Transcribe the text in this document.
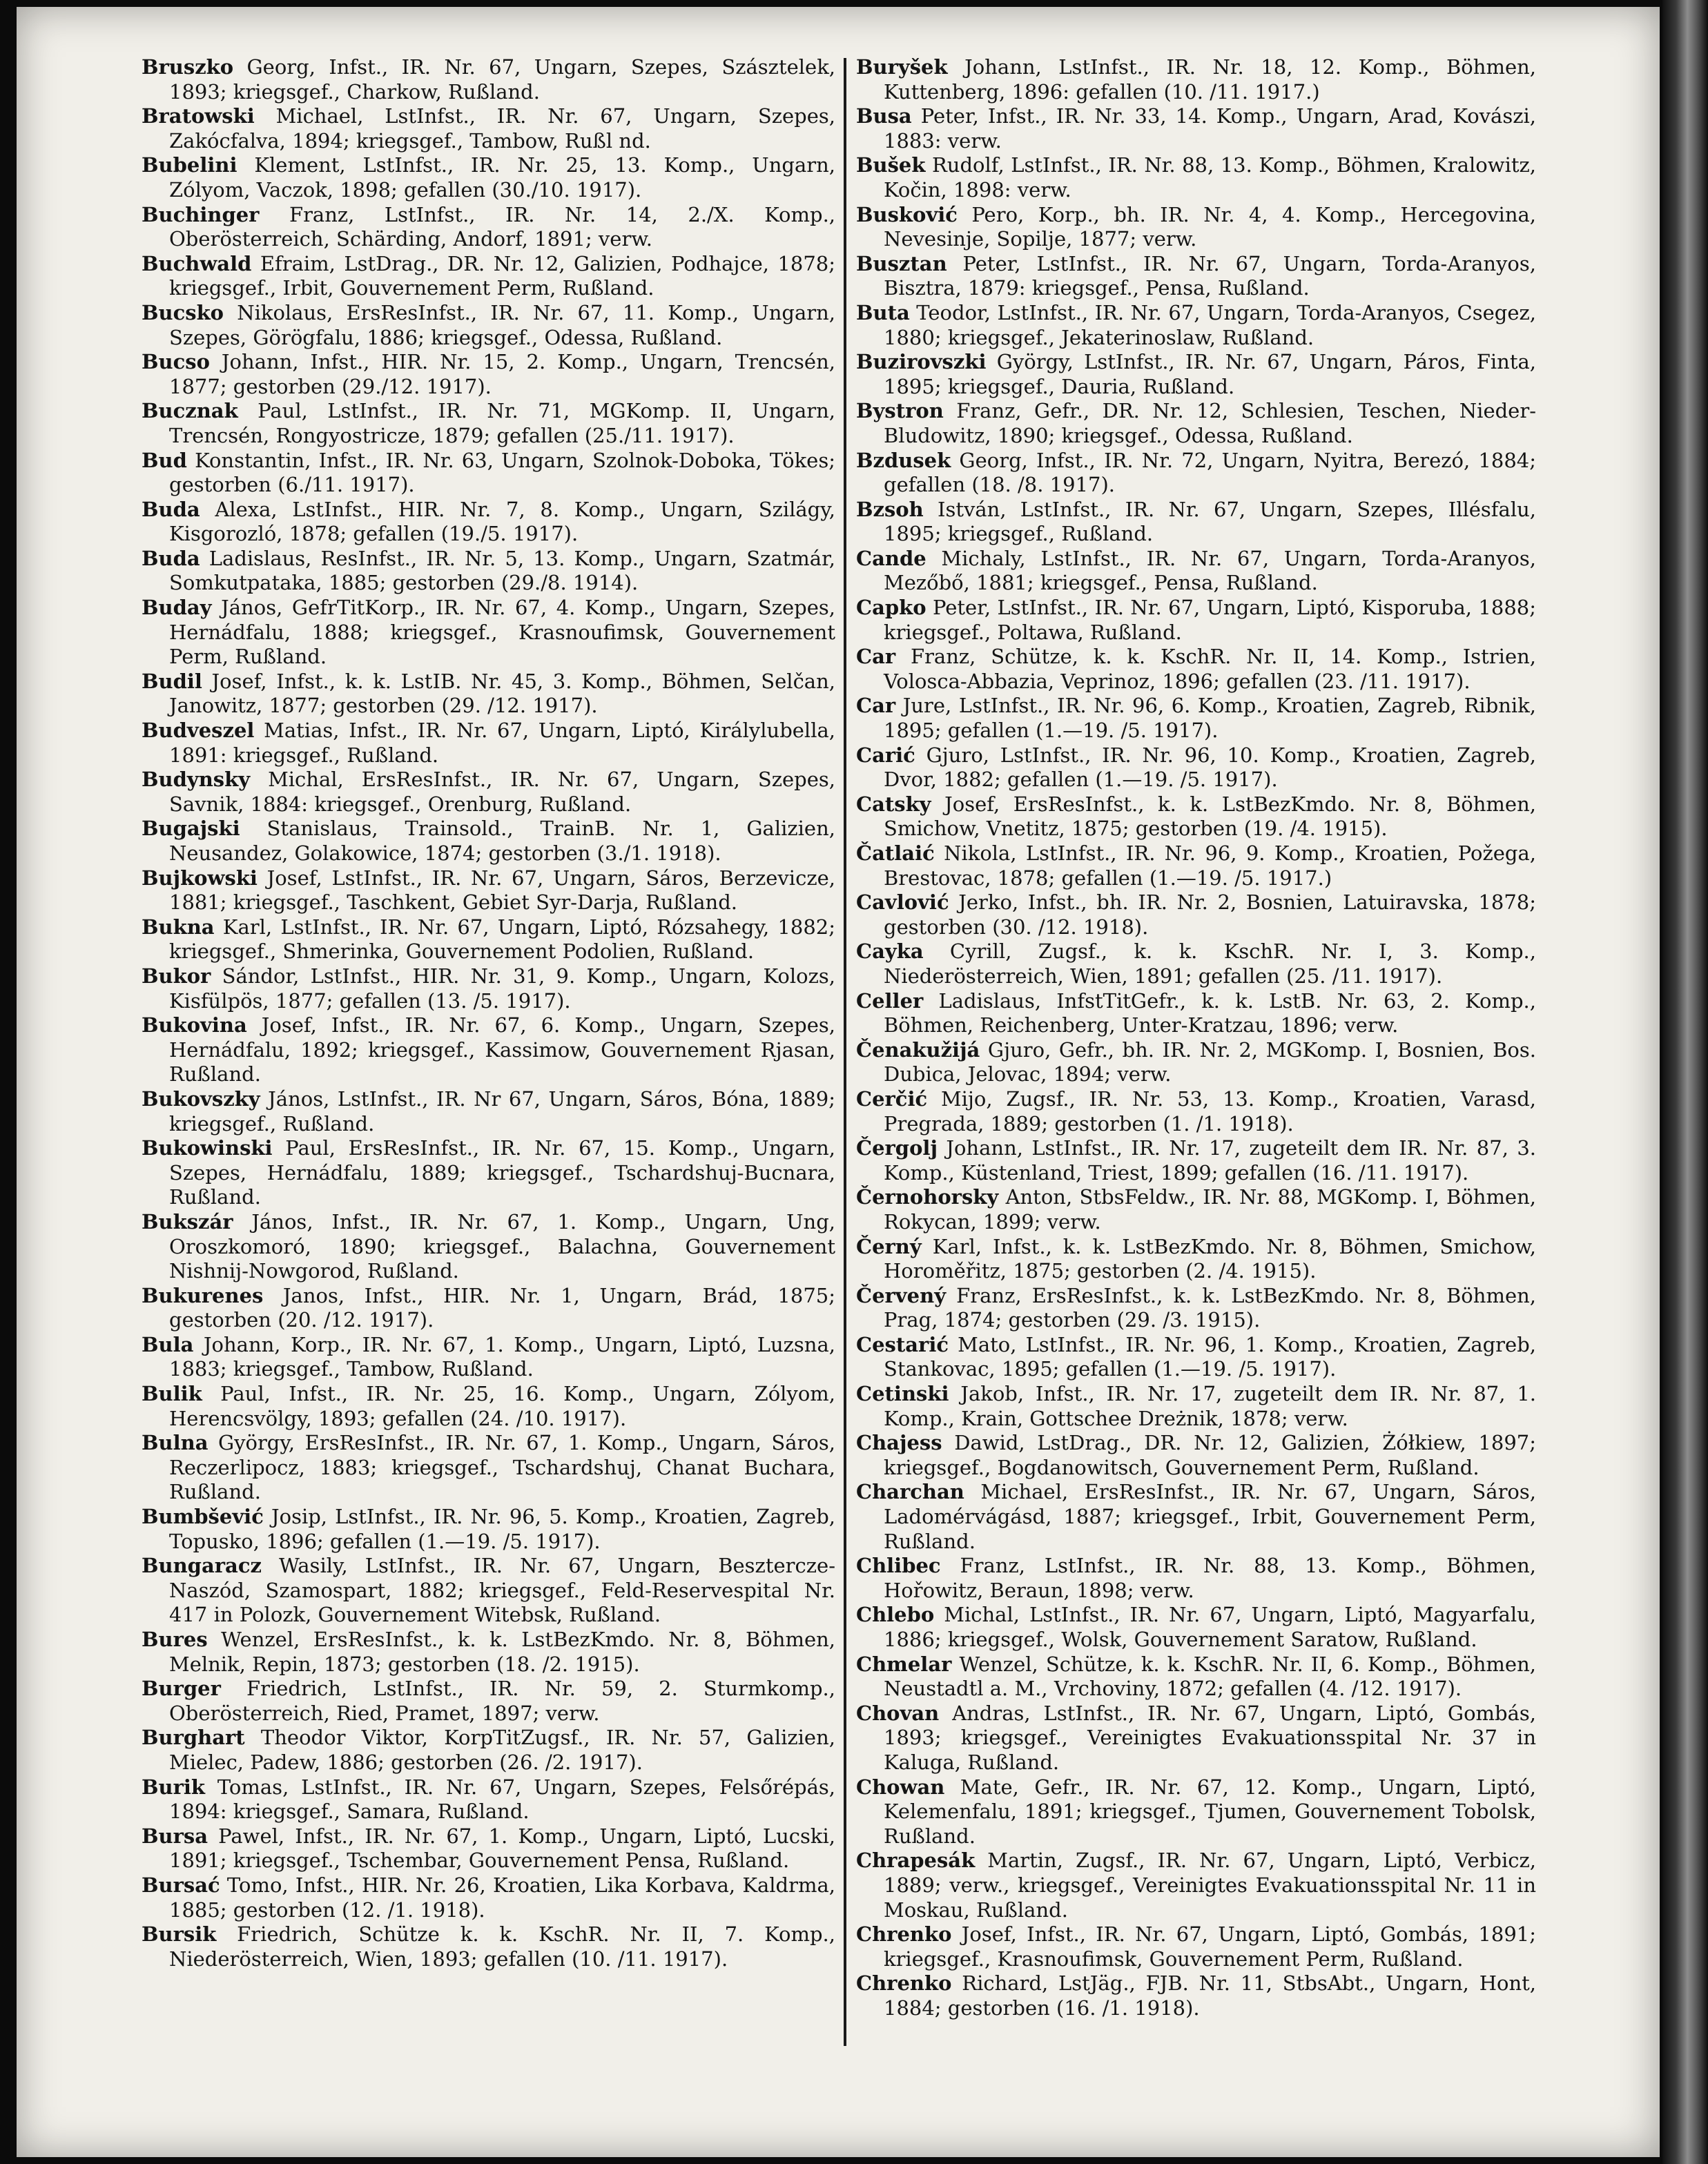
Bruszko Georg, Infst., IR. Nr. 67, Ungarn, Szepes, Szásztelek, 1893; kriegsgef., Charkow, Rußland.

Bratowski Michael, LstInfst., IR. Nr. 67, Ungarn, Szepes, Zakócfalva, 1894; kriegsgef., Tambow, Rußl nd.

Bubelini Klement, LstInfst., IR. Nr. 25, 13. Komp., Ungarn, Zólyom, Vaczok, 1898; gefallen (30./10. 1917).

Buchinger Franz, LstInfst., IR. Nr. 14, 2./X. Komp., Oberösterreich, Schärding, Andorf, 1891; verw.

Buchwald Efraim, LstDrag., DR. Nr. 12, Galizien, Podhajce, 1878; kriegsgef., Irbit, Gouvernement Perm, Rußland.

Bucsko Nikolaus, ErsResInfst., IR. Nr. 67, 11. Komp., Ungarn, Szepes, Görögfalu, 1886; kriegsgef., Odessa, Rußland.

Bucso Johann, Infst., HIR. Nr. 15, 2. Komp., Ungarn, Trencsén, 1877; gestorben (29./12. 1917).

Bucznak Paul, LstInfst., IR. Nr. 71, MGKomp. II, Ungarn, Trencsén, Rongyostricze, 1879; gefallen (25./11. 1917).

Bud Konstantin, Infst., IR. Nr. 63, Ungarn, Szolnok-Doboka, Tökes; gestorben (6./11. 1917).

Buda Alexa, LstInfst., HIR. Nr. 7, 8. Komp., Ungarn, Szilágy, Kisgorozló, 1878; gefallen (19./5. 1917).

Buda Ladislaus, ResInfst., IR. Nr. 5, 13. Komp., Ungarn, Szatmár, Somkutpataka, 1885; gestorben (29./8. 1914).

Buday János, GefrTitKorp., IR. Nr. 67, 4. Komp., Ungarn, Szepes, Hernádfalu, 1888; kriegsgef., Krasnoufimsk, Gouvernement Perm, Rußland.

Budil Josef, Infst., k. k. LstIB. Nr. 45, 3. Komp., Böhmen, Selčan, Janowitz, 1877; gestorben (29. /12. 1917).

Budveszel Matias, Infst., IR. Nr. 67, Ungarn, Liptó, Királylubella, 1891: kriegsgef., Rußland.

Budynsky Michal, ErsResInfst., IR. Nr. 67, Ungarn, Szepes, Savnik, 1884: kriegsgef., Orenburg, Rußland.

Bugajski Stanislaus, Trainsold., TrainB. Nr. 1, Galizien, Neusandez, Golakowice, 1874; gestorben (3./1. 1918).

Bujkowski Josef, LstInfst., IR. Nr. 67, Ungarn, Sáros, Berzevicze, 1881; kriegsgef., Taschkent, Gebiet Syr-Darja, Rußland.

Bukna Karl, LstInfst., IR. Nr. 67, Ungarn, Liptó, Rózsahegy, 1882; kriegsgef., Shmerinka, Gouvernement Podolien, Rußland.

Bukor Sándor, LstInfst., HIR. Nr. 31, 9. Komp., Ungarn, Kolozs, Kisfülpös, 1877; gefallen (13. /5. 1917).

Bukovina Josef, Infst., IR. Nr. 67, 6. Komp., Ungarn, Szepes, Hernádfalu, 1892; kriegsgef., Kassimow, Gouvernement Rjasan, Rußland.

Bukovszky János, LstInfst., IR. Nr 67, Ungarn, Sáros, Bóna, 1889; kriegsgef., Rußland.

Bukowinski Paul, ErsResInfst., IR. Nr. 67, 15. Komp., Ungarn, Szepes, Hernádfalu, 1889; kriegsgef., Tschardshuj-Bucnara, Rußland.

Bukszár János, Infst., IR. Nr. 67, 1. Komp., Ungarn, Ung, Oroszkomoró, 1890; kriegsgef., Balachna, Gouvernement Nishnij-Nowgorod, Rußland.

Bukurenes Janos, Infst., HIR. Nr. 1, Ungarn, Brád, 1875; gestorben (20. /12. 1917).

Bula Johann, Korp., IR. Nr. 67, 1. Komp., Ungarn, Liptó, Luzsna, 1883; kriegsgef., Tambow, Rußland.

Bulik Paul, Infst., IR. Nr. 25, 16. Komp., Ungarn, Zólyom, Herencsvölgy, 1893; gefallen (24. /10. 1917).

Bulna György, ErsResInfst., IR. Nr. 67, 1. Komp., Ungarn, Sáros, Reczerlipocz, 1883; kriegsgef., Tschardshuj, Chanat Buchara, Rußland.

Bumbšević Josip, LstInfst., IR. Nr. 96, 5. Komp., Kroatien, Zagreb, Topusko, 1896; gefallen (1.—19. /5. 1917).

Bungaracz Wasily, LstInfst., IR. Nr. 67, Ungarn, Besztercze-Naszód, Szamospart, 1882; kriegsgef., Feld-Reservespital Nr. 417 in Polozk, Gouvernement Witebsk, Rußland.

Bures Wenzel, ErsResInfst., k. k. LstBezKmdo. Nr. 8, Böhmen, Melnik, Repin, 1873; gestorben (18. /2. 1915).

Burger Friedrich, LstInfst., IR. Nr. 59, 2. Sturmkomp., Oberösterreich, Ried, Pramet, 1897; verw.

Burghart Theodor Viktor, KorpTitZugsf., IR. Nr. 57, Galizien, Mielec, Padew, 1886; gestorben (26. /2. 1917).

Burik Tomas, LstInfst., IR. Nr. 67, Ungarn, Szepes, Felsőrépás, 1894: kriegsgef., Samara, Rußland.

Bursa Pawel, Infst., IR. Nr. 67, 1. Komp., Ungarn, Liptó, Lucski, 1891; kriegsgef., Tschembar, Gouvernement Pensa, Rußland.

Bursać Tomo, Infst., HIR. Nr. 26, Kroatien, Lika Korbava, Kaldrma, 1885; gestorben (12. /1. 1918).

Bursik Friedrich, Schütze k. k. KschR. Nr. II, 7. Komp., Niederösterreich, Wien, 1893; gefallen (10. /11. 1917).

Buryšek Johann, LstInfst., IR. Nr. 18, 12. Komp., Böhmen, Kuttenberg, 1896: gefallen (10. /11. 1917.)

Busa Peter, Infst., IR. Nr. 33, 14. Komp., Ungarn, Arad, Kovászi, 1883: verw.

Bušek Rudolf, LstInfst., IR. Nr. 88, 13. Komp., Böhmen, Kralowitz, Kočin, 1898: verw.

Busković Pero, Korp., bh. IR. Nr. 4, 4. Komp., Hercegovina, Nevesinje, Sopilje, 1877; verw.

Busztan Peter, LstInfst., IR. Nr. 67, Ungarn, Torda-Aranyos, Bisztra, 1879: kriegsgef., Pensa, Rußland.

Buta Teodor, LstInfst., IR. Nr. 67, Ungarn, Torda-Aranyos, Csegez, 1880; kriegsgef., Jekaterinoslaw, Rußland.

Buzirovszki György, LstInfst., IR. Nr. 67, Ungarn, Páros, Finta, 1895; kriegsgef., Dauria, Rußland.

Bystron Franz, Gefr., DR. Nr. 12, Schlesien, Teschen, Nieder-Bludowitz, 1890; kriegsgef., Odessa, Rußland.

Bzdusek Georg, Infst., IR. Nr. 72, Ungarn, Nyitra, Berezó, 1884; gefallen (18. /8. 1917).

Bzsoh István, LstInfst., IR. Nr. 67, Ungarn, Szepes, Illésfalu, 1895; kriegsgef., Rußland.

Cande Michaly, LstInfst., IR. Nr. 67, Ungarn, Torda-Aranyos, Mezőbő, 1881; kriegsgef., Pensa, Rußland.

Capko Peter, LstInfst., IR. Nr. 67, Ungarn, Liptó, Kisporuba, 1888; kriegsgef., Poltawa, Rußland.

Car Franz, Schütze, k. k. KschR. Nr. II, 14. Komp., Istrien, Volosca-Abbazia, Veprinoz, 1896; gefallen (23. /11. 1917).

Car Jure, LstInfst., IR. Nr. 96, 6. Komp., Kroatien, Zagreb, Ribnik, 1895; gefallen (1.—19. /5. 1917).

Carić Gjuro, LstInfst., IR. Nr. 96, 10. Komp., Kroatien, Zagreb, Dvor, 1882; gefallen (1.—19. /5. 1917).

Catsky Josef, ErsResInfst., k. k. LstBezKmdo. Nr. 8, Böhmen, Smichow, Vnetitz, 1875; gestorben (19. /4. 1915).

Čatlaić Nikola, LstInfst., IR. Nr. 96, 9. Komp., Kroatien, Požega, Brestovac, 1878; gefallen (1.—19. /5. 1917.)

Cavlović Jerko, Infst., bh. IR. Nr. 2, Bosnien, Latuiravska, 1878; gestorben (30. /12. 1918).

Cayka Cyrill, Zugsf., k. k. KschR. Nr. I, 3. Komp., Niederösterreich, Wien, 1891; gefallen (25. /11. 1917).

Celler Ladislaus, InfstTitGefr., k. k. LstB. Nr. 63, 2. Komp., Böhmen, Reichenberg, Unter-Kratzau, 1896; verw.

Čenakužijá Gjuro, Gefr., bh. IR. Nr. 2, MGKomp. I, Bosnien, Bos. Dubica, Jelovac, 1894; verw.

Cerčić Mijo, Zugsf., IR. Nr. 53, 13. Komp., Kroatien, Varasd, Pregrada, 1889; gestorben (1. /1. 1918).

Čergolj Johann, LstInfst., IR. Nr. 17, zugeteilt dem IR. Nr. 87, 3. Komp., Küstenland, Triest, 1899; gefallen (16. /11. 1917).

Černohorsky Anton, StbsFeldw., IR. Nr. 88, MGKomp. I, Böhmen, Rokycan, 1899; verw.

Černý Karl, Infst., k. k. LstBezKmdo. Nr. 8, Böhmen, Smichow, Horoměřitz, 1875; gestorben (2. /4. 1915).

Červený Franz, ErsResInfst., k. k. LstBezKmdo. Nr. 8, Böhmen, Prag, 1874; gestorben (29. /3. 1915).

Cestarić Mato, LstInfst., IR. Nr. 96, 1. Komp., Kroatien, Zagreb, Stankovac, 1895; gefallen (1.—19. /5. 1917).

Cetinski Jakob, Infst., IR. Nr. 17, zugeteilt dem IR. Nr. 87, 1. Komp., Krain, Gottschee Dreżnik, 1878; verw.

Chajess Dawid, LstDrag., DR. Nr. 12, Galizien, Żółkiew, 1897; kriegsgef., Bogdanowitsch, Gouvernement Perm, Rußland.

Charchan Michael, ErsResInfst., IR. Nr. 67, Ungarn, Sáros, Ladomérvágásd, 1887; kriegsgef., Irbit, Gouvernement Perm, Rußland.

Chlibec Franz, LstInfst., IR. Nr. 88, 13. Komp., Böhmen, Hořowitz, Beraun, 1898; verw.

Chlebo Michal, LstInfst., IR. Nr. 67, Ungarn, Liptó, Magyarfalu, 1886; kriegsgef., Wolsk, Gouvernement Saratow, Rußland.

Chmelar Wenzel, Schütze, k. k. KschR. Nr. II, 6. Komp., Böhmen, Neustadtl a. M., Vrchoviny, 1872; gefallen (4. /12. 1917).

Chovan Andras, LstInfst., IR. Nr. 67, Ungarn, Liptó, Gombás, 1893; kriegsgef., Vereinigtes Evakuationsspital Nr. 37 in Kaluga, Rußland.

Chowan Mate, Gefr., IR. Nr. 67, 12. Komp., Ungarn, Liptó, Kelemenfalu, 1891; kriegsgef., Tjumen, Gouvernement Tobolsk, Rußland.

Chrapesák Martin, Zugsf., IR. Nr. 67, Ungarn, Liptó, Verbicz, 1889; verw., kriegsgef., Vereinigtes Evakuationsspital Nr. 11 in Moskau, Rußland.

Chrenko Josef, Infst., IR. Nr. 67, Ungarn, Liptó, Gombás, 1891; kriegsgef., Krasnoufimsk, Gouvernement Perm, Rußland.

Chrenko Richard, LstJäg., FJB. Nr. 11, StbsAbt., Ungarn, Hont, 1884; gestorben (16. /1. 1918).
